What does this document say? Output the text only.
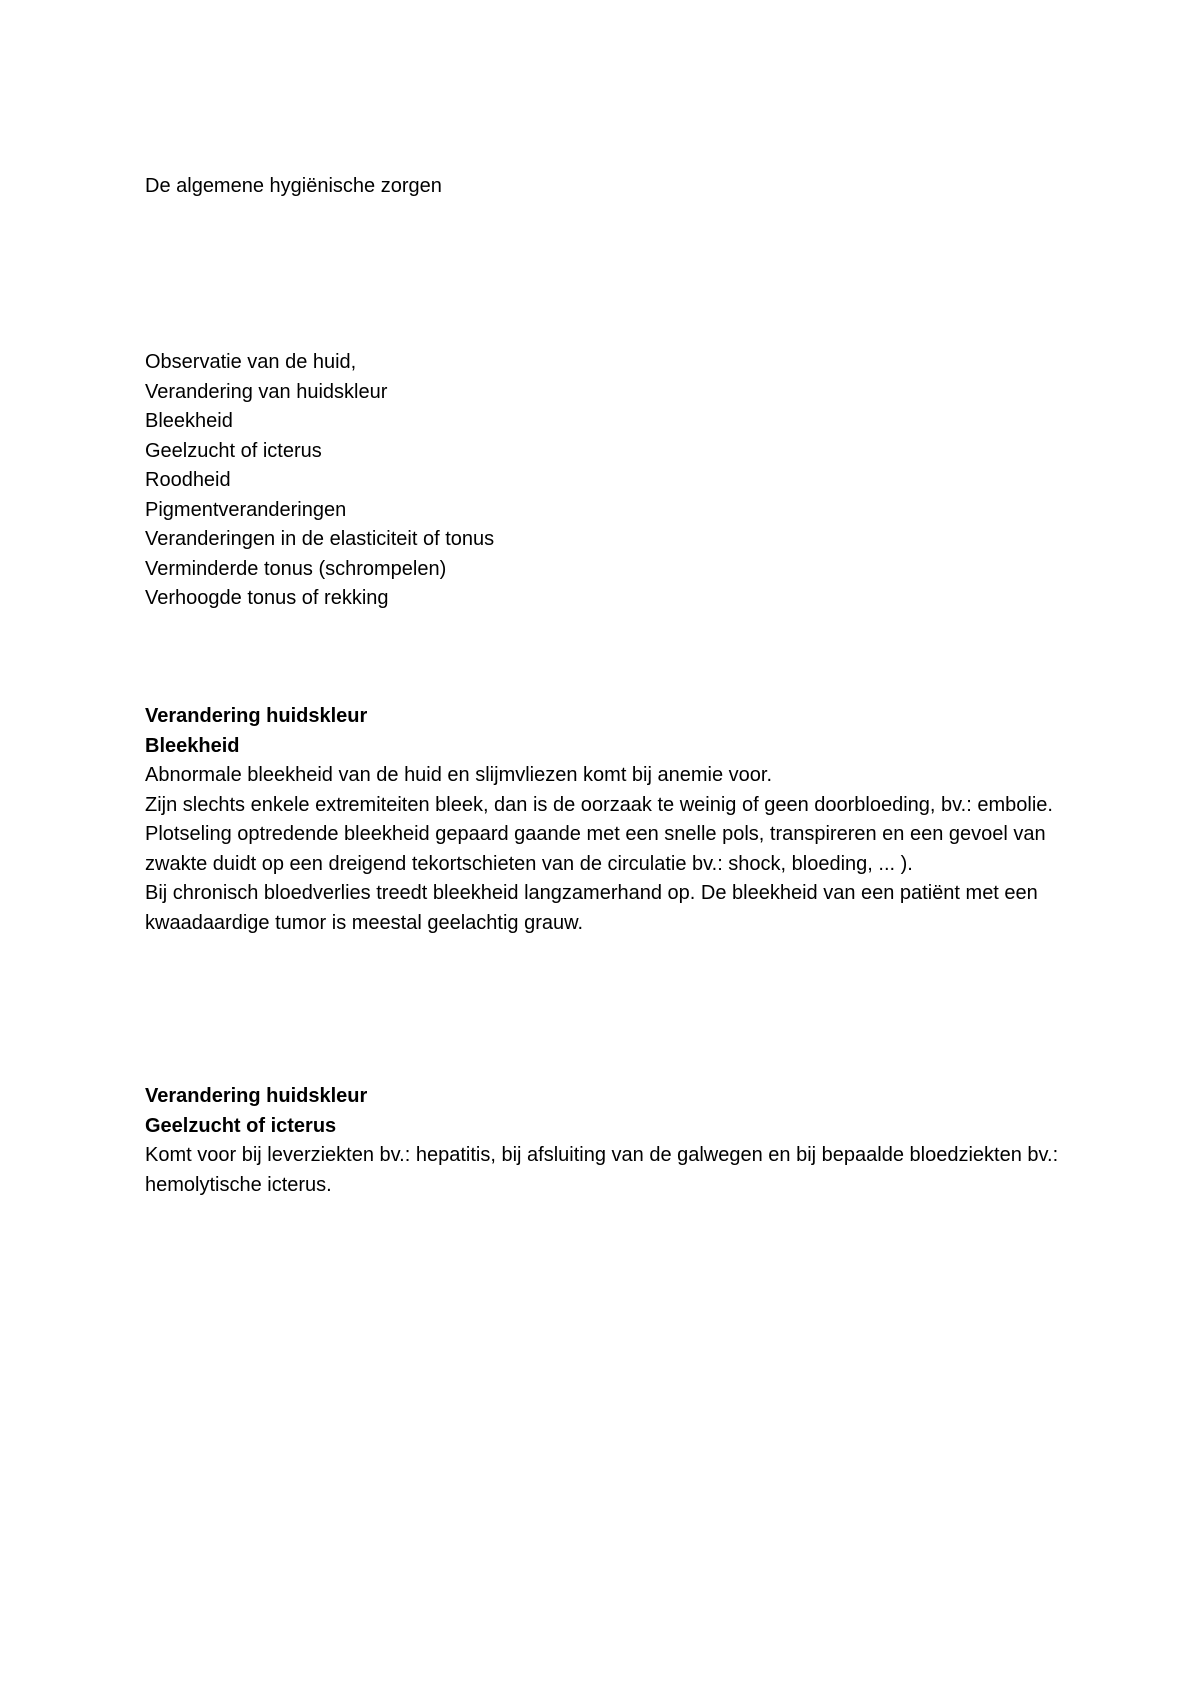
De algemene hygiënische zorgen
Observatie van de huid,
Verandering van huidskleur
Bleekheid
Geelzucht of icterus
Roodheid
Pigmentveranderingen
Veranderingen in de elasticiteit of tonus
Verminderde tonus (schrompelen)
Verhoogde tonus of rekking
Verandering huidskleur
Bleekheid

Abnormale bleekheid van de huid en slijmvliezen komt bij anemie voor.

Zijn slechts enkele extremiteiten bleek, dan is de oorzaak te weinig of geen doorbloeding, bv.: embolie.

Plotseling optredende bleekheid gepaard gaande met een snelle pols, transpireren en een gevoel van zwakte duidt op een dreigend tekortschieten van de circulatie bv.: shock, bloeding, ... ).

Bij chronisch bloedverlies treedt bleekheid langzamerhand op. De bleekheid van een patiënt met een kwaadaardige tumor is meestal geelachtig grauw.

Verandering huidskleur
Geelzucht of icterus

Komt voor bij leverziekten bv.: hepatitis, bij afsluiting van de galwegen en bij bepaalde bloedziekten bv.: hemolytische icterus.
